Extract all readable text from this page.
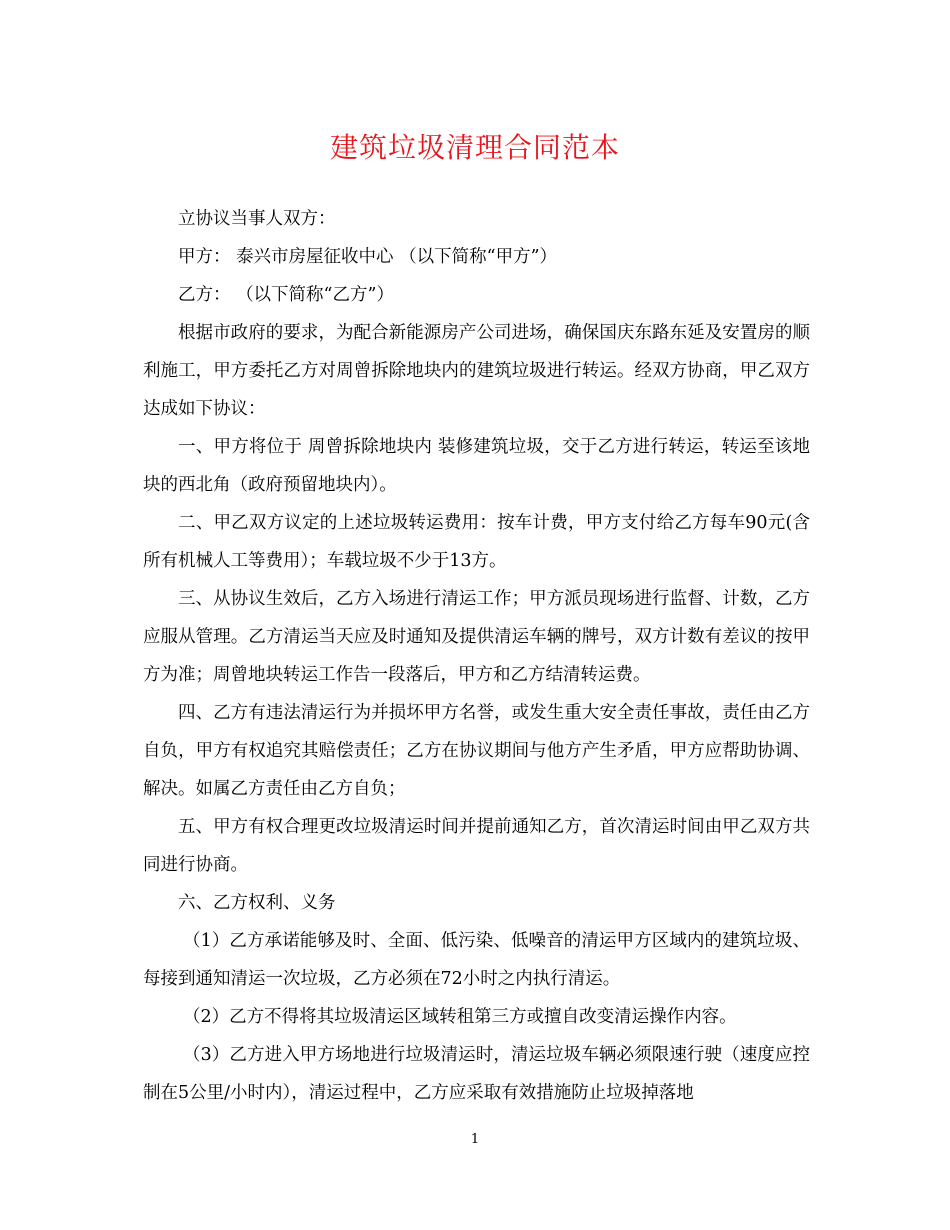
建筑垃圾清理合同范本

立协议当事人双方：

甲方： 泰兴市房屋征收中心 （以下简称“甲方”）

乙方： （以下简称“乙方”）

根据市政府的要求，为配合新能源房产公司进场，确保国庆东路东延及安置房的顺利施工，甲方委托乙方对周曾拆除地块内的建筑垃圾进行转运。经双方协商，甲乙双方达成如下协议：

一、甲方将位于 周曾拆除地块内 装修建筑垃圾，交于乙方进行转运，转运至该地块的西北角（政府预留地块内）。

二、甲乙双方议定的上述垃圾转运费用：按车计费，甲方支付给乙方每车90元(含所有机械人工等费用）；车载垃圾不少于13方。

三、从协议生效后，乙方入场进行清运工作；甲方派员现场进行监督、计数，乙方应服从管理。乙方清运当天应及时通知及提供清运车辆的牌号，双方计数有差议的按甲方为准；周曾地块转运工作告一段落后，甲方和乙方结清转运费。

四、乙方有违法清运行为并损坏甲方名誉，或发生重大安全责任事故，责任由乙方自负，甲方有权追究其赔偿责任；乙方在协议期间与他方产生矛盾，甲方应帮助协调、解决。如属乙方责任由乙方自负；

五、甲方有权合理更改垃圾清运时间并提前通知乙方，首次清运时间由甲乙双方共同进行协商。

六、乙方权利、义务

（1）乙方承诺能够及时、全面、低污染、低噪音的清运甲方区域内的建筑垃圾、每接到通知清运一次垃圾，乙方必须在72小时之内执行清运。

（2）乙方不得将其垃圾清运区域转租第三方或擅自改变清运操作内容。

（3）乙方进入甲方场地进行垃圾清运时，清运垃圾车辆必须限速行驶（速度应控制在5公里/小时内），清运过程中，乙方应采取有效措施防止垃圾掉落地

1
